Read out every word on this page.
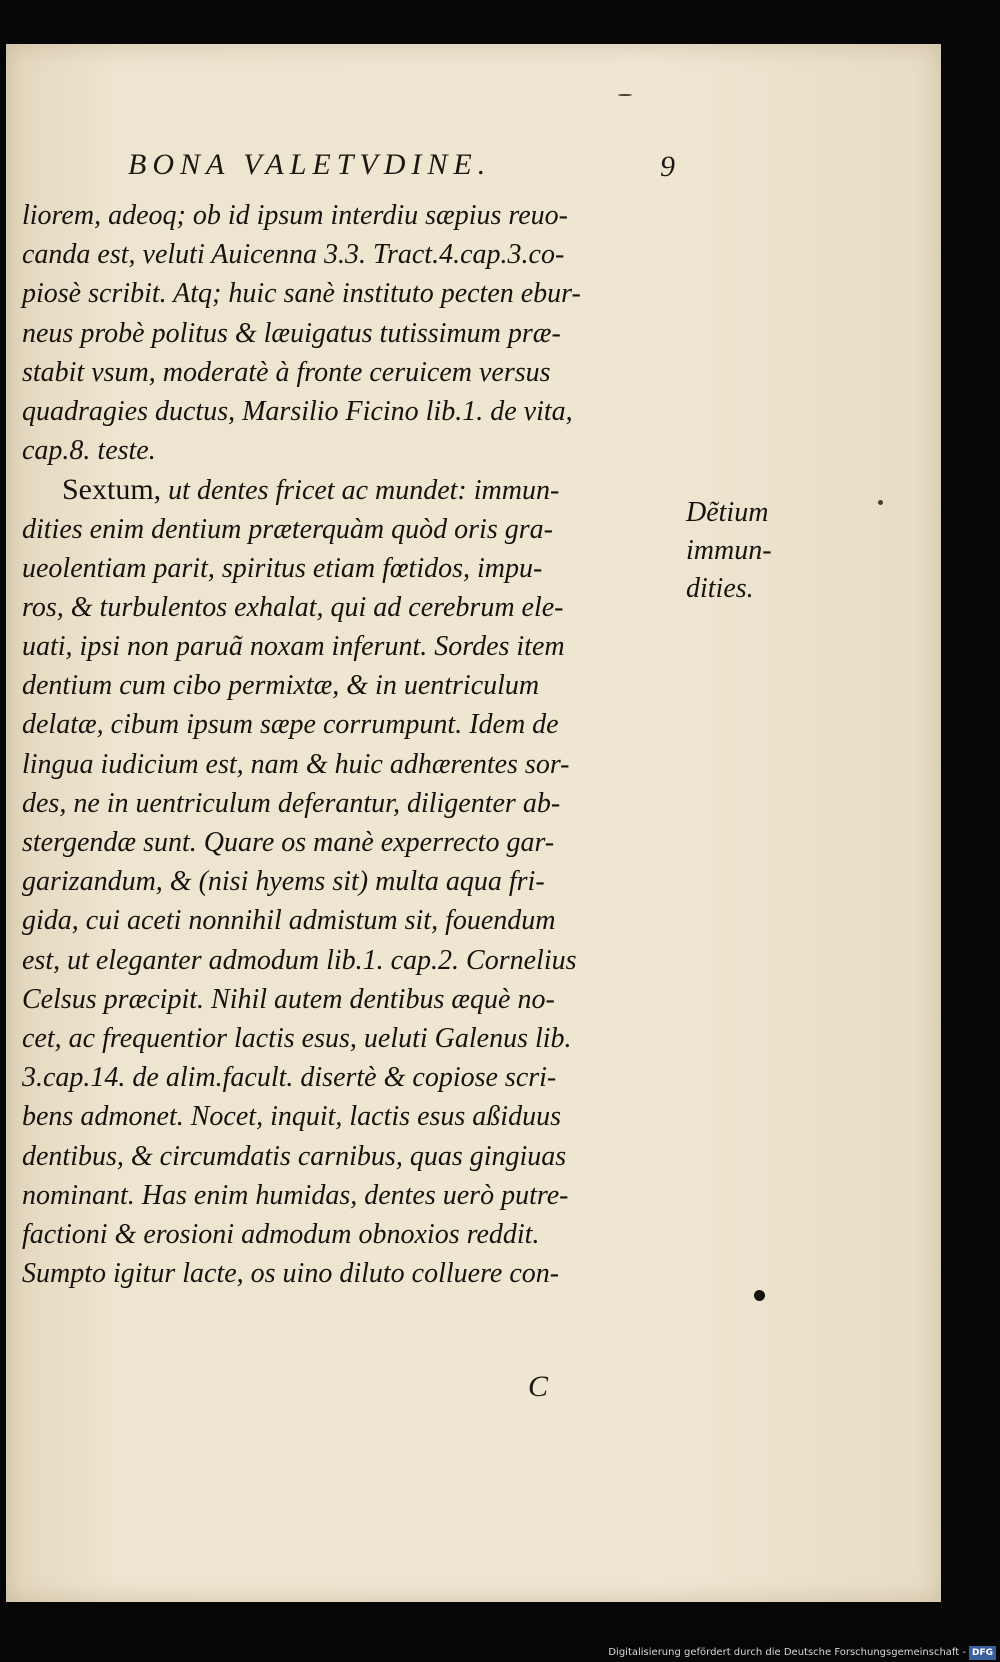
BONA VALETVDINE.	9
liorem, adeoq; ob id ipsum interdiu sæpius reuo-
canda est, veluti Auicenna 3.3. Tract.4.cap.3.co-
piosè scribit. Atq; huic sanè instituto pecten ebur-
neus probè politus & læuigatus tutissimum præ-
stabit vsum, moderatè à fronte ceruicem versus
quadragies ductus, Marsilio Ficino lib.1. de vita,
cap.8. teste.
Sextum, ut dentes fricet ac mundet: immun-
dities enim dentium præterquàm quòd oris gra-
ueolentiam parit, spiritus etiam fœtidos, impu-
ros, & turbulentos exhalat, qui ad cerebrum ele-
uati, ipsi non paruã noxam inferunt. Sordes item
dentium cum cibo permixtæ, & in uentriculum
delatæ, cibum ipsum sæpe corrumpunt. Idem de
lingua iudicium est, nam & huic adhærentes sor-
des, ne in uentriculum deferantur, diligenter ab-
stergendæ sunt. Quare os manè experrecto gar-
garizandum, & (nisi hyems sit) multa aqua fri-
gida, cui aceti nonnihil admistum sit, fouendum
est, ut eleganter admodum lib.1. cap.2. Cornelius
Celsus præcipit. Nihil autem dentibus æquè no-
cet, ac frequentior lactis esus, ueluti Galenus lib.
3.cap.14. de alim.facult. disertè & copiose scri-
bens admonet. Nocet, inquit, lactis esus aßiduus
dentibus, & circumdatis carnibus, quas gingiuas
nominant. Has enim humidas, dentes uerò putre-
factioni & erosioni admodum obnoxios reddit.
Sumpto igitur lacte, os uino diluto colluere con-
Dẽtium
immun-
dities.
C
Digitalisierung gefördert durch die Deutsche Forschungsgemeinschaft - DFG
